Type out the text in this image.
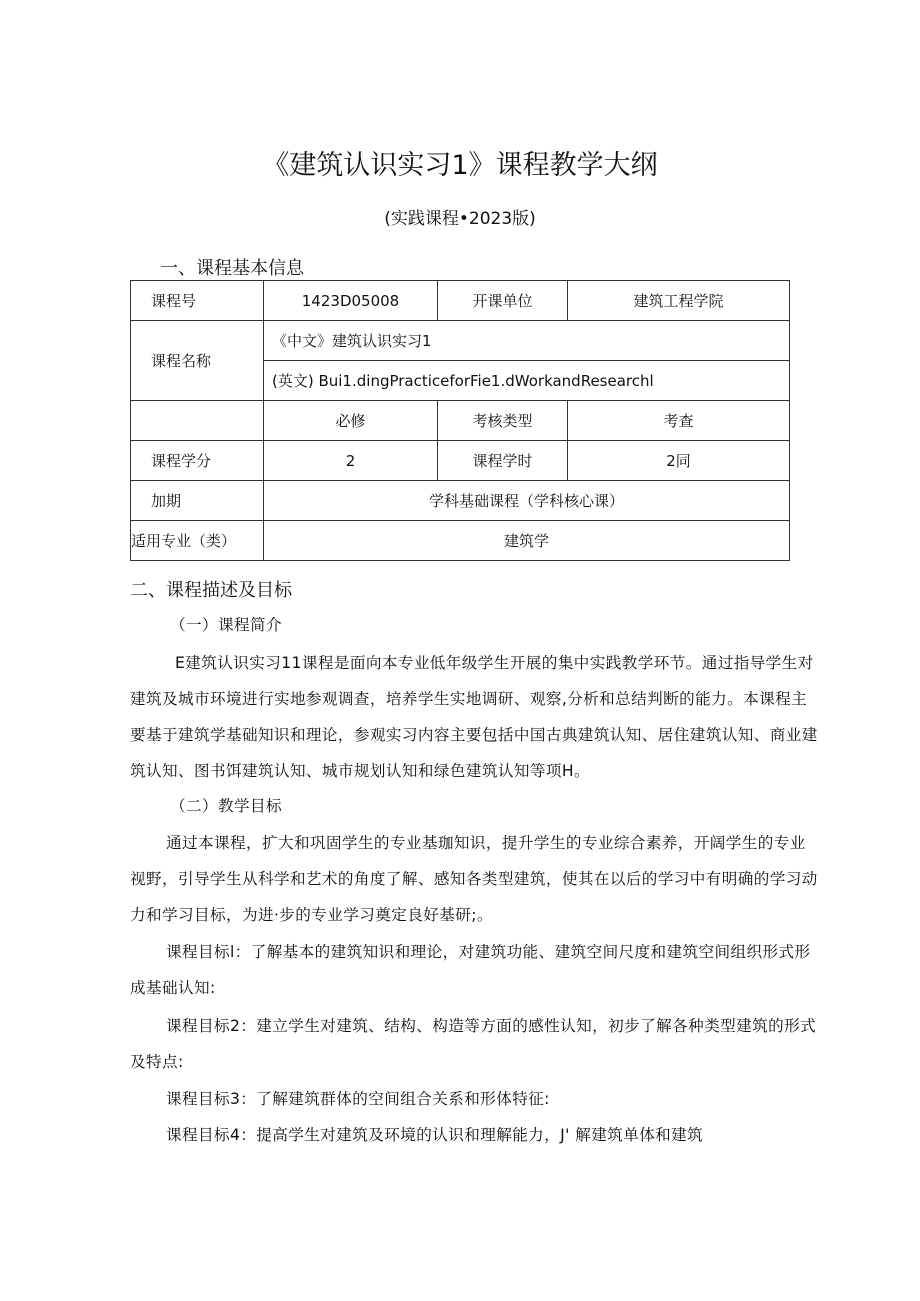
《建筑认识实习1》课程教学大纲
(实践课程•2023版)
一、课程基本信息
课程号	1423D05008	开课单位	建筑工程学院
课程名称	《中文》建筑认识实习1		
	(英文) Bui1.dingPracticeforFie1.dWorkandResearchl		
	必修	考核类型	考查
课程学分	2	课程学时	2同
加期	学科基础课程（学科核心课）		
适用专业（类）	建筑学		
二、课程描述及目标
（一）课程简介
E建筑认识实习11课程是面向本专业低年级学生开展的集中实践教学环节。通过指导学生对
建筑及城市环境进行实地参观调查，培养学生实地调研、观察,分析和总结判断的能力。本课程主
要基于建筑学基础知识和理论，参观实习内容主要包括中国古典建筑认知、居住建筑认知、商业建
筑认知、图书饵建筑认知、城市规划认知和绿色建筑认知等项H。
（二）教学目标
通过本课程，扩大和巩固学生的专业基珈知识，提升学生的专业综合素养，开阔学生的专业
视野，引导学生从科学和艺术的角度了解、感知各类型建筑，使其在以后的学习中有明确的学习动
力和学习目标，为进·步的专业学习奠定良好基研;。
课程目标l：了解基本的建筑知识和理论，对建筑功能、建筑空间尺度和建筑空间组织形式形
成基础认知:
课程目标2：建立学生对建筑、结构、构造等方面的感性认知，初步了解各种类型建筑的形式
及特点:
课程目标3：了解建筑群体的空间组合关系和形体特征:
课程目标4：提高学生对建筑及环境的认识和理解能力，J' 解建筑单体和建筑
